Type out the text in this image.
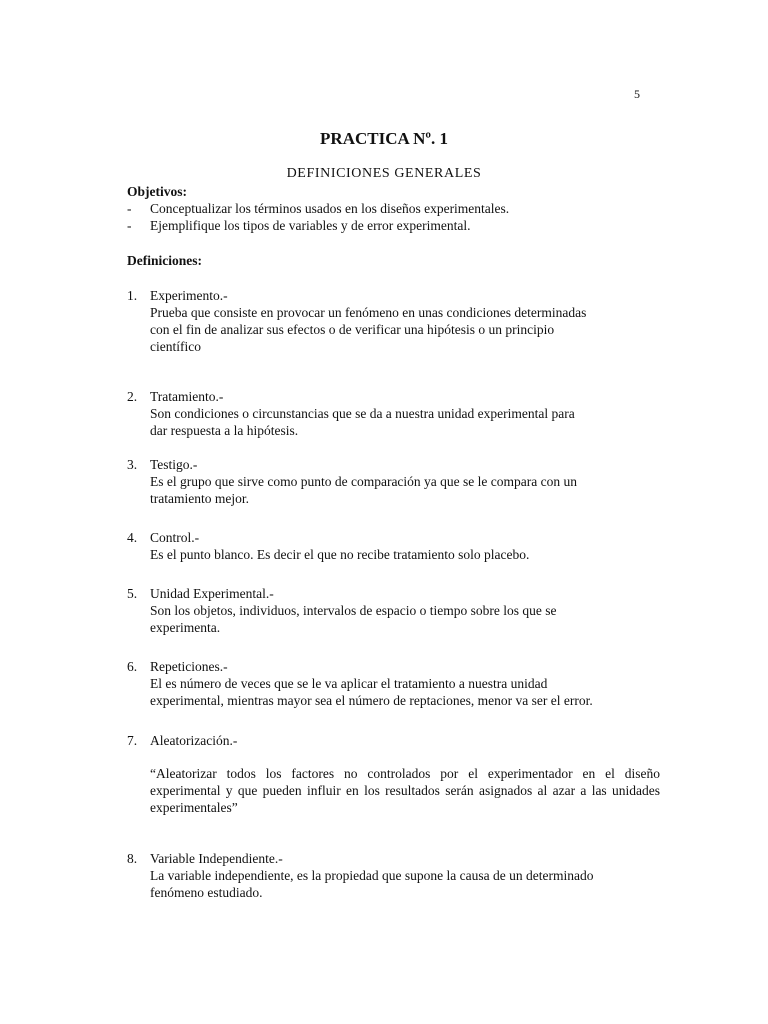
5
PRACTICA Nº. 1
DEFINICIONES GENERALES
Objetivos:
- Conceptualizar los términos usados en los diseños experimentales.
- Ejemplifique los tipos de variables y de error experimental.
Definiciones:
1. Experimento.-
Prueba que consiste en provocar un fenómeno en unas condiciones determinadas
con el fin de analizar sus efectos o de verificar una hipótesis o un principio
científico
2. Tratamiento.-
Son condiciones o circunstancias que se da a nuestra unidad experimental para
dar respuesta a la hipótesis.
3. Testigo.-
Es el grupo que sirve como punto de comparación ya que se le compara con un
tratamiento mejor.
4. Control.-
Es el punto blanco. Es decir el que no recibe tratamiento solo placebo.
5. Unidad Experimental.-
Son los objetos, individuos, intervalos de espacio o tiempo sobre los que se
experimenta.
6. Repeticiones.-
El es número de veces que se le va aplicar el tratamiento a nuestra unidad
experimental, mientras mayor sea el número de reptaciones, menor va ser el error.
7. Aleatorización.-
“Aleatorizar todos los factores no controlados por el experimentador en el diseño experimental y que pueden influir en los resultados serán asignados al azar a las unidades experimentales”
8. Variable Independiente.-
La variable independiente, es la propiedad que supone la causa de un determinado
fenómeno estudiado.
